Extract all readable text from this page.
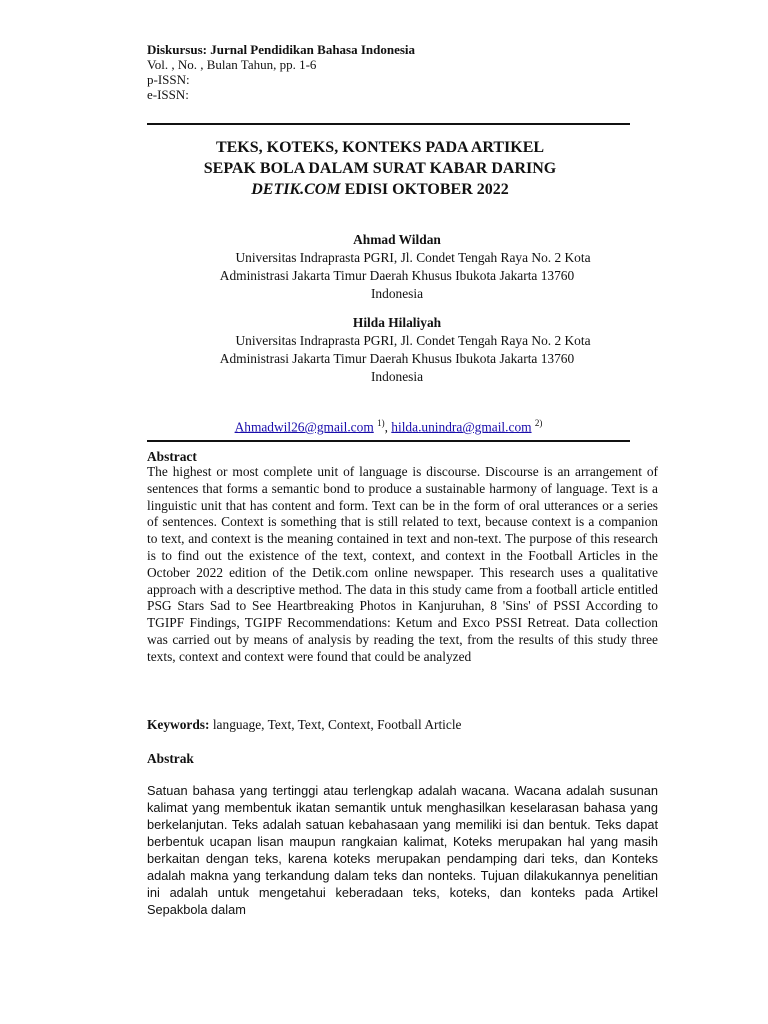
Diskursus: Jurnal Pendidikan Bahasa Indonesia
Vol. , No. , Bulan Tahun, pp. 1-6
p-ISSN:
e-ISSN:
TEKS, KOTEKS, KONTEKS PADA ARTIKEL
SEPAK BOLA DALAM SURAT KABAR DARING
DETIK.COM EDISI OKTOBER 2022
Ahmad Wildan
Universitas Indraprasta PGRI, Jl. Condet Tengah Raya No. 2 Kota
Administrasi Jakarta Timur Daerah Khusus Ibukota Jakarta 13760
Indonesia
Hilda Hilaliyah
Universitas Indraprasta PGRI, Jl. Condet Tengah Raya No. 2 Kota
Administrasi Jakarta Timur Daerah Khusus Ibukota Jakarta 13760
Indonesia
Ahmadwil26@gmail.com $^{1)}$, hilda.unindra@gmail.com $^{2)}$
Abstract
The highest or most complete unit of language is discourse. Discourse is an arrangement of sentences that forms a semantic bond to produce a sustainable harmony of language. Text is a linguistic unit that has content and form. Text can be in the form of oral utterances or a series of sentences. Context is something that is still related to text, because context is a companion to text, and context is the meaning contained in text and non-text. The purpose of this research is to find out the existence of the text, context, and context in the Football Articles in the October 2022 edition of the Detik.com online newspaper. This research uses a qualitative approach with a descriptive method. The data in this study came from a football article entitled PSG Stars Sad to See Heartbreaking Photos in Kanjuruhan, 8 'Sins' of PSSI According to TGIPF Findings, TGIPF Recommendations: Ketum and Exco PSSI Retreat. Data collection was carried out by means of analysis by reading the text, from the results of this study three texts, context and context were found that could be analyzed
Keywords: language, Text, Text, Context, Football Article
Abstrak
Satuan bahasa yang tertinggi atau terlengkap adalah wacana. Wacana adalah susunan kalimat yang membentuk ikatan semantik untuk menghasilkan keselarasan bahasa yang berkelanjutan. Teks adalah satuan kebahasaan yang memiliki isi dan bentuk. Teks dapat berbentuk ucapan lisan maupun rangkaian kalimat, Koteks merupakan hal yang masih berkaitan dengan teks, karena koteks merupakan pendamping dari teks, dan Konteks adalah makna yang terkandung dalam teks dan nonteks. Tujuan dilakukannya penelitian ini adalah untuk mengetahui keberadaan teks, koteks, dan konteks pada Artikel Sepakbola dalam
